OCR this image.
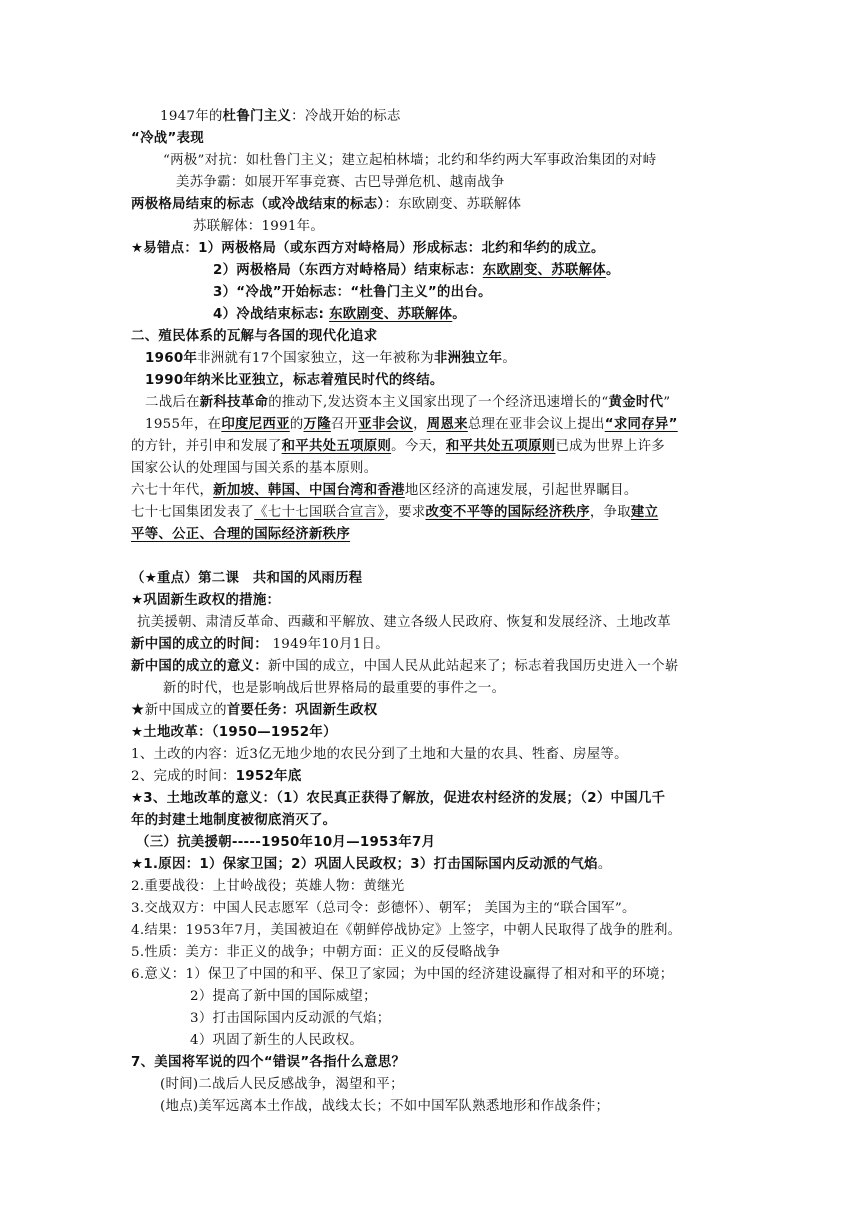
1947年的杜鲁门主义：冷战开始的标志
“冷战”表现
“两极”对抗：如杜鲁门主义；建立起柏林墙；北约和华约两大军事政治集团的对峙
美苏争霸：如展开军事竞赛、古巴导弹危机、越南战争
两极格局结束的标志（或冷战结束的标志）：东欧剧变、苏联解体
苏联解体：1991年。
★易错点：1）两极格局（或东西方对峙格局）形成标志：北约和华约的成立。
2）两极格局（东西方对峙格局）结束标志：东欧剧变、苏联解体。
3）“冷战”开始标志：“杜鲁门主义”的出台。
4）冷战结束标志: 东欧剧变、苏联解体。
二、殖民体系的瓦解与各国的现代化追求
1960年非洲就有17个国家独立，这一年被称为非洲独立年。
1990年纳米比亚独立，标志着殖民时代的终结。
二战后在新科技革命的推动下,发达资本主义国家出现了一个经济迅速增长的“黄金时代”
1955年，在印度尼西亚的万隆召开亚非会议，周恩来总理在亚非会议上提出“求同存异”
的方针，并引申和发展了和平共处五项原则。今天，和平共处五项原则已成为世界上许多
国家公认的处理国与国关系的基本原则。
六七十年代，新加坡、韩国、中国台湾和香港地区经济的高速发展，引起世界瞩目。
七十七国集团发表了《七十七国联合宣言》，要求改变不平等的国际经济秩序，争取建立
平等、公正、合理的国际经济新秩序
（★重点）第二课　共和国的风雨历程
★巩固新生政权的措施：
抗美援朝、肃清反革命、西藏和平解放、建立各级人民政府、恢复和发展经济、土地改革
新中国的成立的时间： 1949年10月1日。
新中国的成立的意义：新中国的成立，中国人民从此站起来了；标志着我国历史进入一个崭
新的时代，也是影响战后世界格局的最重要的事件之一。
★新中国成立的首要任务：巩固新生政权
★土地改革：（1950—1952年）
1、土改的内容：近3亿无地少地的农民分到了土地和大量的农具、牲畜、房屋等。
2、完成的时间：1952年底
★3、土地改革的意义：（1）农民真正获得了解放，促进农村经济的发展；（2）中国几千
年的封建土地制度被彻底消灭了。
（三）抗美援朝-----1950年10月—1953年7月
★1.原因：1）保家卫国；2）巩固人民政权；3）打击国际国内反动派的气焰。
2.重要战役：上甘岭战役；英雄人物：黄继光
3.交战双方：中国人民志愿军（总司令：彭德怀）、朝军； 美国为主的“联合国军”。
4.结果：1953年7月，美国被迫在《朝鲜停战协定》上签字，中朝人民取得了战争的胜利。
5.性质：美方：非正义的战争；中朝方面：正义的反侵略战争
6.意义：1）保卫了中国的和平、保卫了家园；为中国的经济建设赢得了相对和平的环境；
2）提高了新中国的国际威望；
3）打击国际国内反动派的气焰；
4）巩固了新生的人民政权。
7、美国将军说的四个“错误”各指什么意思？
(时间)二战后人民反感战争，渴望和平；
(地点)美军远离本土作战，战线太长；不如中国军队熟悉地形和作战条件；
